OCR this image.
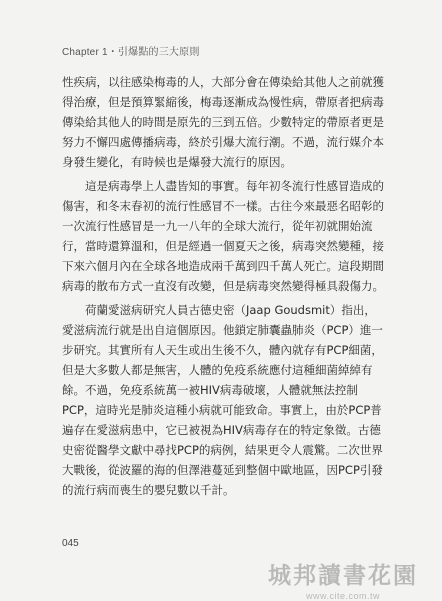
Chapter 1・引爆點的三大原則

性疾病，以往感染梅毒的人，大部分會在傳染給其他人之前就獲得治療，但是預算緊縮後，梅毒逐漸成為慢性病，帶原者把病毒傳染給其他人的時間是原先的三到五倍。少數特定的帶原者更是努力不懈四處傳播病毒，終於引爆大流行潮。不過，流行媒介本身發生變化，有時候也是爆發大流行的原因。

這是病毒學上人盡皆知的事實。每年初冬流行性感冒造成的傷害，和冬末春初的流行性感冒不一樣。古往今來最惡名昭彰的一次流行性感冒是一九一八年的全球大流行，從年初就開始流行，當時還算溫和，但是經過一個夏天之後，病毒突然變種，接下來六個月內在全球各地造成兩千萬到四千萬人死亡。這段期間病毒的散布方式一直沒有改變，但是病毒突然變得極具殺傷力。

荷蘭愛滋病研究人員古德史密（Jaap Goudsmit）指出，愛滋病流行就是出自這個原因。他鎖定肺囊蟲肺炎（PCP）進一步研究。其實所有人天生或出生後不久，體內就存有PCP細菌，但是大多數人都是無害，人體的免疫系統應付這種細菌綽綽有餘。不過，免疫系統萬一被HIV病毒破壞，人體就無法控制PCP，這時光是肺炎這種小病就可能致命。事實上，由於PCP普遍存在愛滋病患中，它已被視為HIV病毒存在的特定象徵。古德史密從醫學文獻中尋找PCP的病例，結果更令人震驚。二次世界大戰後，從波羅的海的但澤港蔓延到整個中歐地區，因PCP引發的流行病而喪生的嬰兒數以千計。

045
城邦讀書花園
www.cite.com.tw
